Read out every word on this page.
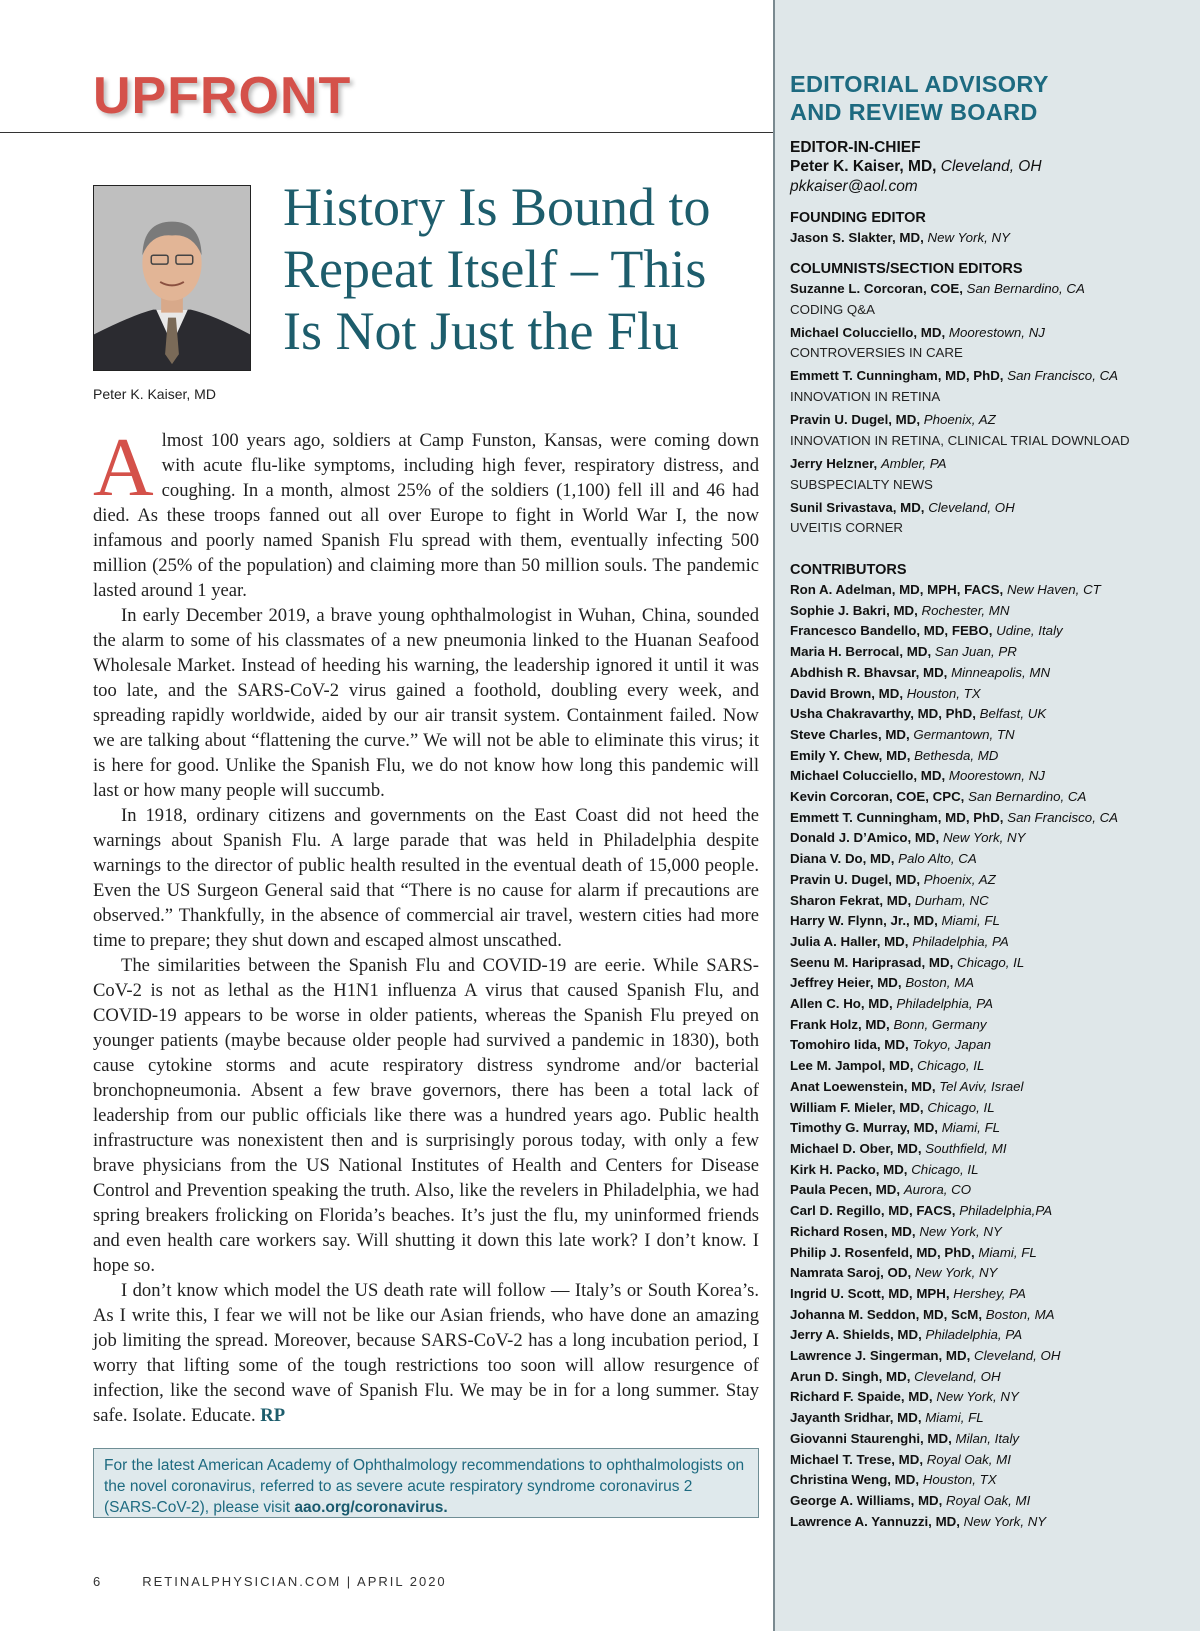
UPFRONT
Peter K. Kaiser, MD
History Is Bound to
Repeat Itself – This
Is Not Just the Flu

Almost 100 years ago, soldiers at Camp Funston, Kansas, were coming down with acute flu-like symptoms, including high fever, respiratory distress, and coughing. In a month, almost 25% of the soldiers (1,100) fell ill and 46 had died. As these troops fanned out all over Europe to fight in World War I, the now infamous and poorly named Spanish Flu spread with them, eventually infecting 500 million (25% of the population) and claiming more than 50 million souls. The pandemic lasted around 1 year.

In early December 2019, a brave young ophthalmologist in Wuhan, China, sounded the alarm to some of his classmates of a new pneumonia linked to the Huanan Seafood Wholesale Market. Instead of heeding his warning, the leadership ignored it until it was too late, and the SARS-CoV-2 virus gained a foothold, doubling every week, and spreading rapidly worldwide, aided by our air transit system. Containment failed. Now we are talking about “flattening the curve.” We will not be able to eliminate this virus; it is here for good. Unlike the Spanish Flu, we do not know how long this pandemic will last or how many people will succumb.

In 1918, ordinary citizens and governments on the East Coast did not heed the warnings about Spanish Flu. A large parade that was held in Philadelphia despite warnings to the director of public health resulted in the eventual death of 15,000 people. Even the US Surgeon General said that “There is no cause for alarm if precautions are observed.” Thankfully, in the absence of commercial air travel, western cities had more time to prepare; they shut down and escaped almost unscathed.

The similarities between the Spanish Flu and COVID-19 are eerie. While SARS-CoV-2 is not as lethal as the H1N1 influenza A virus that caused Spanish Flu, and COVID-19 appears to be worse in older patients, whereas the Spanish Flu preyed on younger patients (maybe because older people had survived a pandemic in 1830), both cause cytokine storms and acute respiratory distress syndrome and/or bacterial bronchopneumonia. Absent a few brave governors, there has been a total lack of leadership from our public officials like there was a hundred years ago. Public health infrastructure was nonexistent then and is surprisingly porous today, with only a few brave physicians from the US National Institutes of Health and Centers for Disease Control and Prevention speaking the truth. Also, like the revelers in Philadelphia, we had spring breakers frolicking on Florida’s beaches. It’s just the flu, my uninformed friends and even health care workers say. Will shutting it down this late work? I don’t know. I hope so.

I don’t know which model the US death rate will follow — Italy’s or South Korea’s. As I write this, I fear we will not be like our Asian friends, who have done an amazing job limiting the spread. Moreover, because SARS-CoV-2 has a long incubation period, I worry that lifting some of the tough restrictions too soon will allow resurgence of infection, like the second wave of Spanish Flu. We may be in for a long summer. Stay safe. Isolate. Educate. RP

For the latest American Academy of Ophthalmology recommendations to ophthalmologists on the novel coronavirus, referred to as severe acute respiratory syndrome coronavirus 2 (SARS-CoV-2), please visit aao.org/coronavirus.
6	RETINALPHYSICIAN.COM | APRIL 2020
EDITORIAL ADVISORY
AND REVIEW BOARD
EDITOR-IN-CHIEF
Peter K. Kaiser, MD, Cleveland, OH
pkkaiser@aol.com
FOUNDING EDITOR
Jason S. Slakter, MD, New York, NY
COLUMNISTS/SECTION EDITORS
Suzanne L. Corcoran, COE, San Bernardino, CA
CODING Q&A
Michael Colucciello, MD, Moorestown, NJ
CONTROVERSIES IN CARE
Emmett T. Cunningham, MD, PhD, San Francisco, CA
INNOVATION IN RETINA
Pravin U. Dugel, MD, Phoenix, AZ
INNOVATION IN RETINA, CLINICAL TRIAL DOWNLOAD
Jerry Helzner, Ambler, PA
SUBSPECIALTY NEWS
Sunil Srivastava, MD, Cleveland, OH
UVEITIS CORNER
CONTRIBUTORS
Ron A. Adelman, MD, MPH, FACS, New Haven, CT
Sophie J. Bakri, MD, Rochester, MN
Francesco Bandello, MD, FEBO, Udine, Italy
Maria H. Berrocal, MD, San Juan, PR
Abdhish R. Bhavsar, MD, Minneapolis, MN
David Brown, MD, Houston, TX
Usha Chakravarthy, MD, PhD, Belfast, UK
Steve Charles, MD, Germantown, TN
Emily Y. Chew, MD, Bethesda, MD
Michael Colucciello, MD, Moorestown, NJ
Kevin Corcoran, COE, CPC, San Bernardino, CA
Emmett T. Cunningham, MD, PhD, San Francisco, CA
Donald J. D’Amico, MD, New York, NY
Diana V. Do, MD, Palo Alto, CA
Pravin U. Dugel, MD, Phoenix, AZ
Sharon Fekrat, MD, Durham, NC
Harry W. Flynn, Jr., MD, Miami, FL
Julia A. Haller, MD, Philadelphia, PA
Seenu M. Hariprasad, MD, Chicago, IL
Jeffrey Heier, MD, Boston, MA
Allen C. Ho, MD, Philadelphia, PA
Frank Holz, MD, Bonn, Germany
Tomohiro Iida, MD, Tokyo, Japan
Lee M. Jampol, MD, Chicago, IL
Anat Loewenstein, MD, Tel Aviv, Israel
William F. Mieler, MD, Chicago, IL
Timothy G. Murray, MD, Miami, FL
Michael D. Ober, MD, Southfield, MI
Kirk H. Packo, MD, Chicago, IL
Paula Pecen, MD, Aurora, CO
Carl D. Regillo, MD, FACS, Philadelphia,PA
Richard Rosen, MD, New York, NY
Philip J. Rosenfeld, MD, PhD, Miami, FL
Namrata Saroj, OD, New York, NY
Ingrid U. Scott, MD, MPH, Hershey, PA
Johanna M. Seddon, MD, ScM, Boston, MA
Jerry A. Shields, MD, Philadelphia, PA
Lawrence J. Singerman, MD, Cleveland, OH
Arun D. Singh, MD, Cleveland, OH
Richard F. Spaide, MD, New York, NY
Jayanth Sridhar, MD, Miami, FL
Giovanni Staurenghi, MD, Milan, Italy
Michael T. Trese, MD, Royal Oak, MI
Christina Weng, MD, Houston, TX
George A. Williams, MD, Royal Oak, MI
Lawrence A. Yannuzzi, MD, New York, NY
